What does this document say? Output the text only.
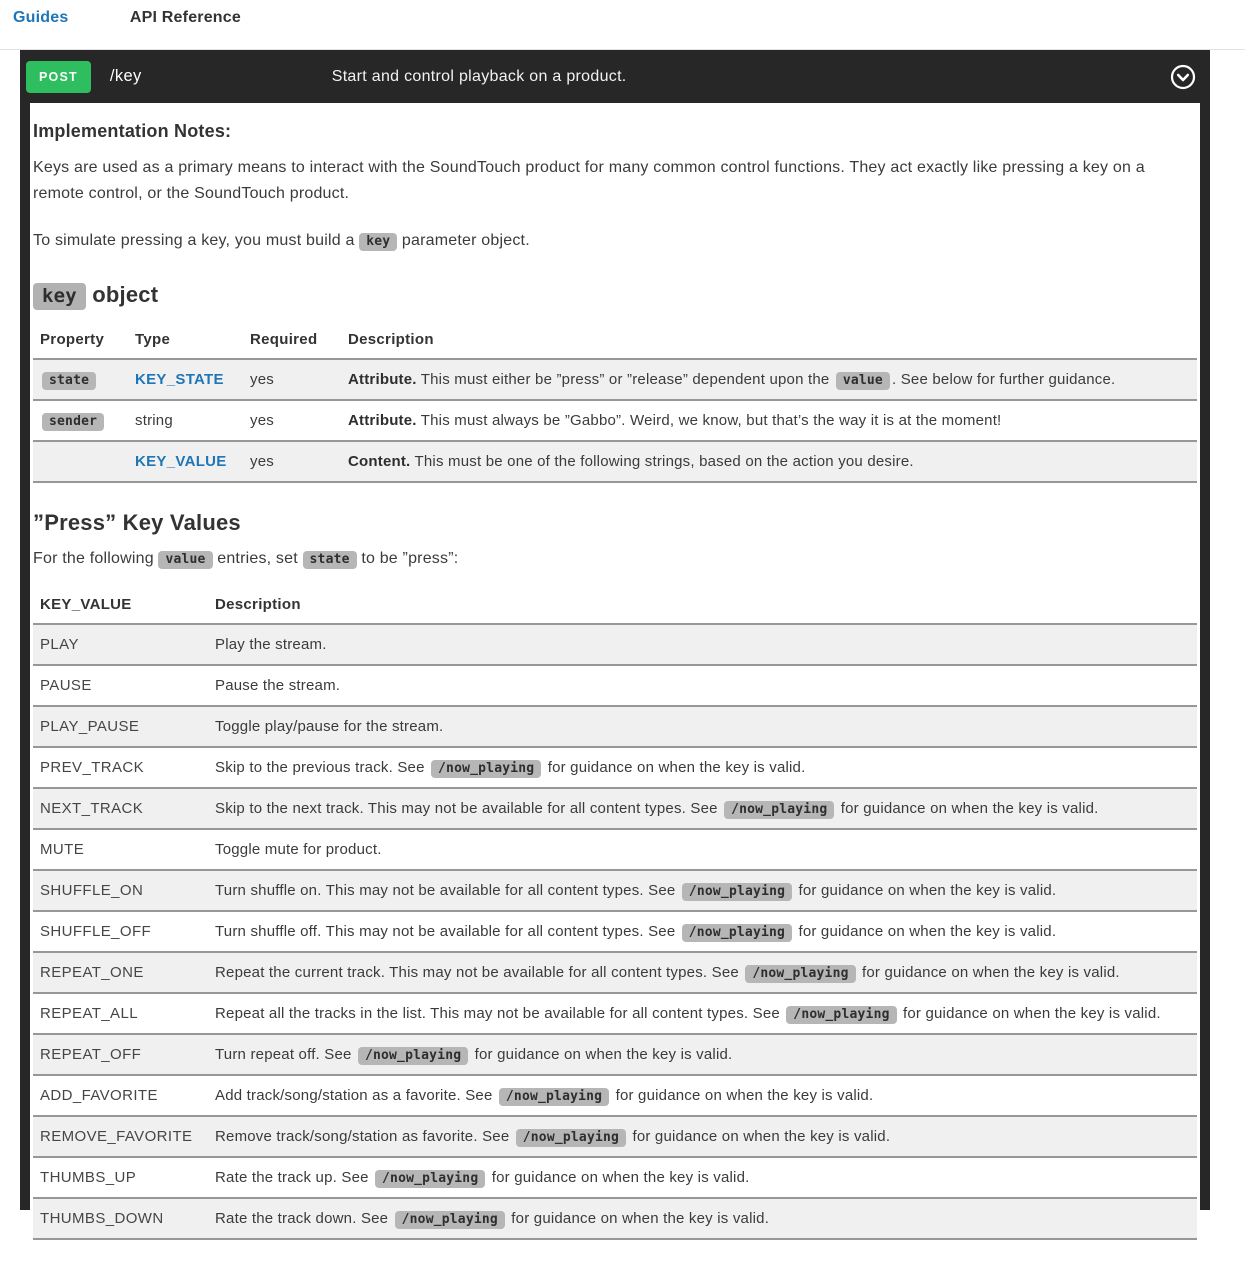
Guides	API Reference
POST	/key	Start and control playback on a product.
Implementation Notes:

Keys are used as a primary means to interact with the SoundTouch product for many common control functions. They act exactly like pressing a key on a remote control, or the SoundTouch product.

To simulate pressing a key, you must build a key parameter object.

key object
Property	Type	Required	Description
state	KEY_STATE	yes	Attribute. This must either be ”press” or ”release” dependent upon the value . See below for further guidance.
sender	string	yes	Attribute. This must always be ”Gabbo”. Weird, we know, but that’s the way it is at the moment!
	KEY_VALUE	yes	Content. This must be one of the following strings, based on the action you desire.
”Press” Key Values

For the following value entries, set state to be ”press”:

KEY_VALUE	Description
PLAY	Play the stream.
PAUSE	Pause the stream.
PLAY_PAUSE	Toggle play/pause for the stream.
PREV_TRACK	Skip to the previous track. See /now_playing for guidance on when the key is valid.
NEXT_TRACK	Skip to the next track. This may not be available for all content types. See /now_playing for guidance on when the key is valid.
MUTE	Toggle mute for product.
SHUFFLE_ON	Turn shuffle on. This may not be available for all content types. See /now_playing for guidance on when the key is valid.
SHUFFLE_OFF	Turn shuffle off. This may not be available for all content types. See /now_playing for guidance on when the key is valid.
REPEAT_ONE	Repeat the current track. This may not be available for all content types. See /now_playing for guidance on when the key is valid.
REPEAT_ALL	Repeat all the tracks in the list. This may not be available for all content types. See /now_playing for guidance on when the key is valid.
REPEAT_OFF	Turn repeat off. See /now_playing for guidance on when the key is valid.
ADD_FAVORITE	Add track/song/station as a favorite. See /now_playing for guidance on when the key is valid.
REMOVE_FAVORITE	Remove track/song/station as favorite. See /now_playing for guidance on when the key is valid.
THUMBS_UP	Rate the track up. See /now_playing for guidance on when the key is valid.
THUMBS_DOWN	Rate the track down. See /now_playing for guidance on when the key is valid.
